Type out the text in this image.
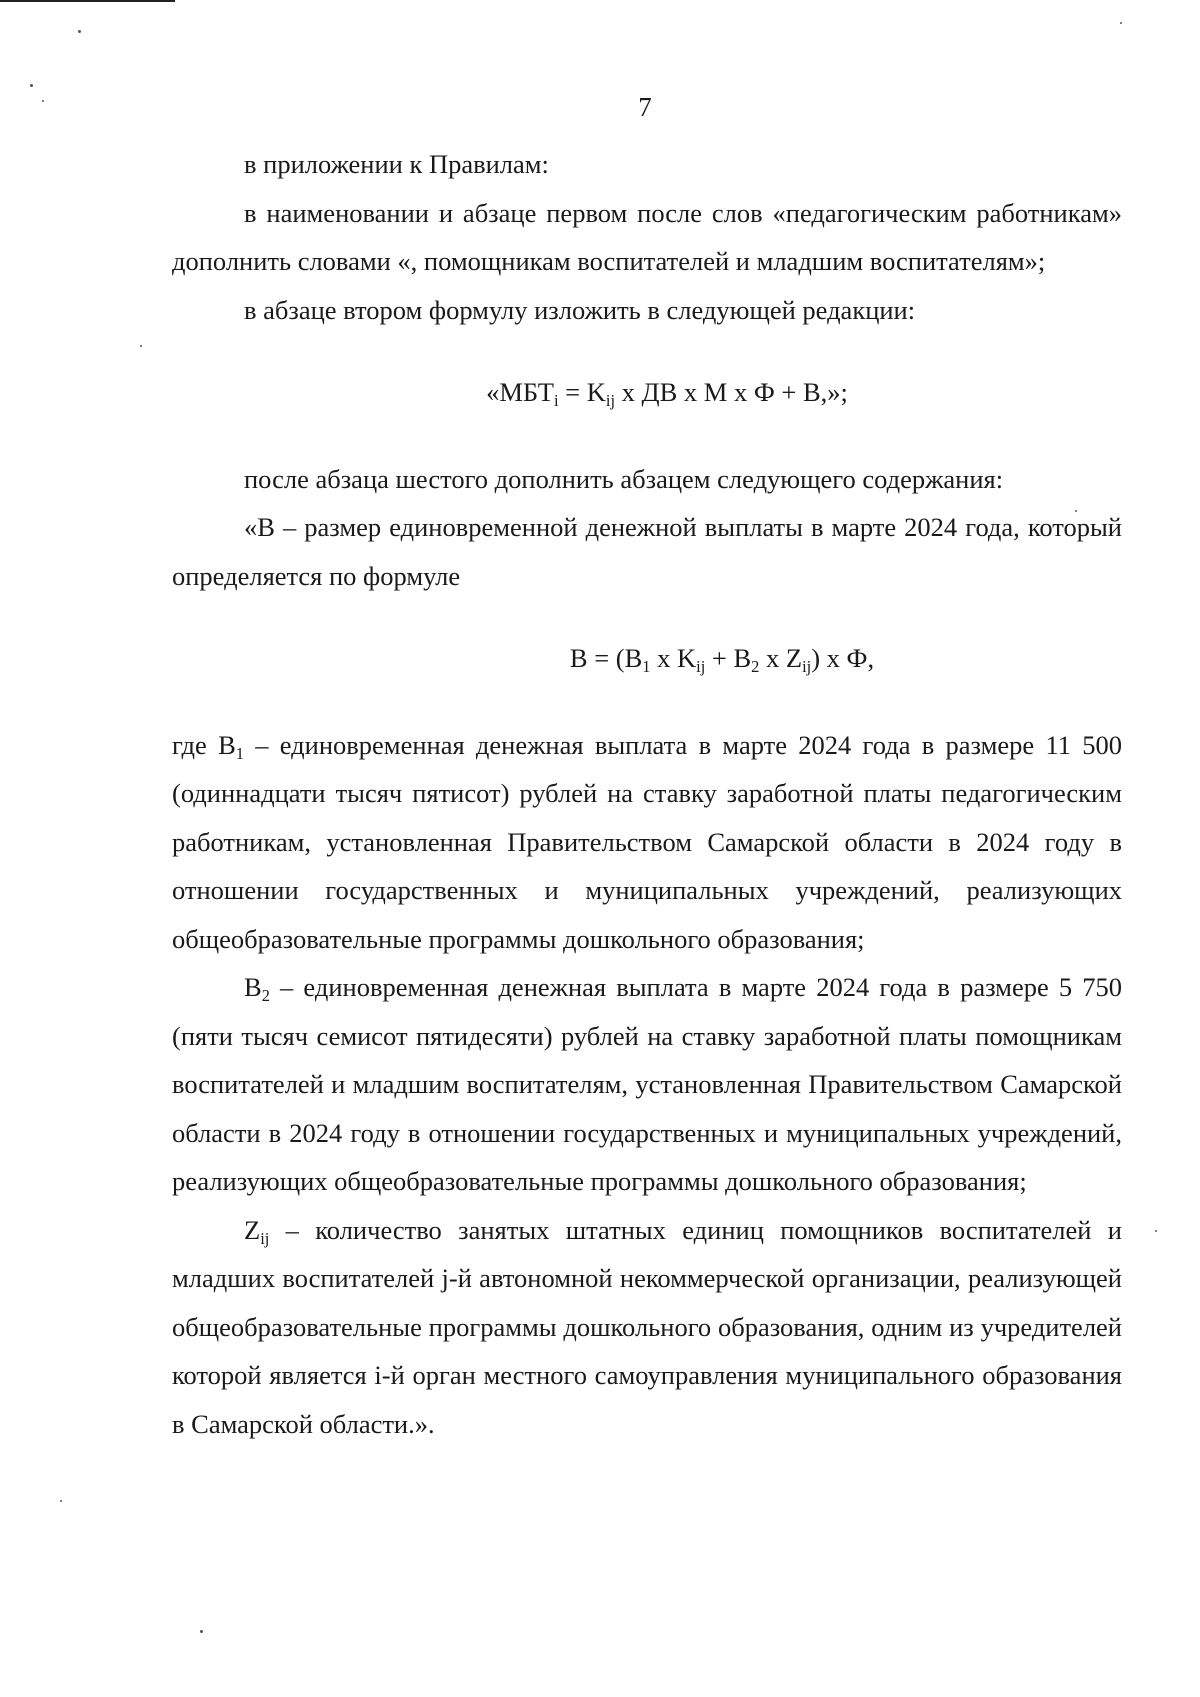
7

в приложении к Правилам:

в наименовании и абзаце первом после слов «педагогическим работникам» дополнить словами «, помощникам воспитателей и младшим воспитателям»;

в абзаце втором формулу изложить в следующей редакции:

«$МБТ_i = K_{ij}$ x ДВ x M x Ф + В,»;

после абзаца шестого дополнить абзацем следующего содержания:

«В – размер единовременной денежной выплаты в марте 2024 года, который определяется по формуле

$В = (В_1$ x $K_{ij} + В_2$ x $Z_{ij}$) x Ф,

где $В_1$ – единовременная денежная выплата в марте 2024 года в размере 11 500 (одиннадцати тысяч пятисот) рублей на ставку заработной платы педагогическим работникам, установленная Правительством Самарской области в 2024 году в отношении государственных и муниципальных учреждений, реализующих общеобразовательные программы дошкольного образования;

$В_2$ – единовременная денежная выплата в марте 2024 года в размере 5 750 (пяти тысяч семисот пятидесяти) рублей на ставку заработной платы помощникам воспитателей и младшим воспитателям, установленная Правительством Самарской области в 2024 году в отношении государственных и муниципальных учреждений, реализующих общеобразовательные программы дошкольного образования;

$Z_{ij}$ – количество занятых штатных единиц помощников воспитателей и младших воспитателей j-й автономной некоммерческой организации, реализующей общеобразовательные программы дошкольного образования, одним из учредителей которой является i-й орган местного самоуправления муниципального образования в Самарской области.».
